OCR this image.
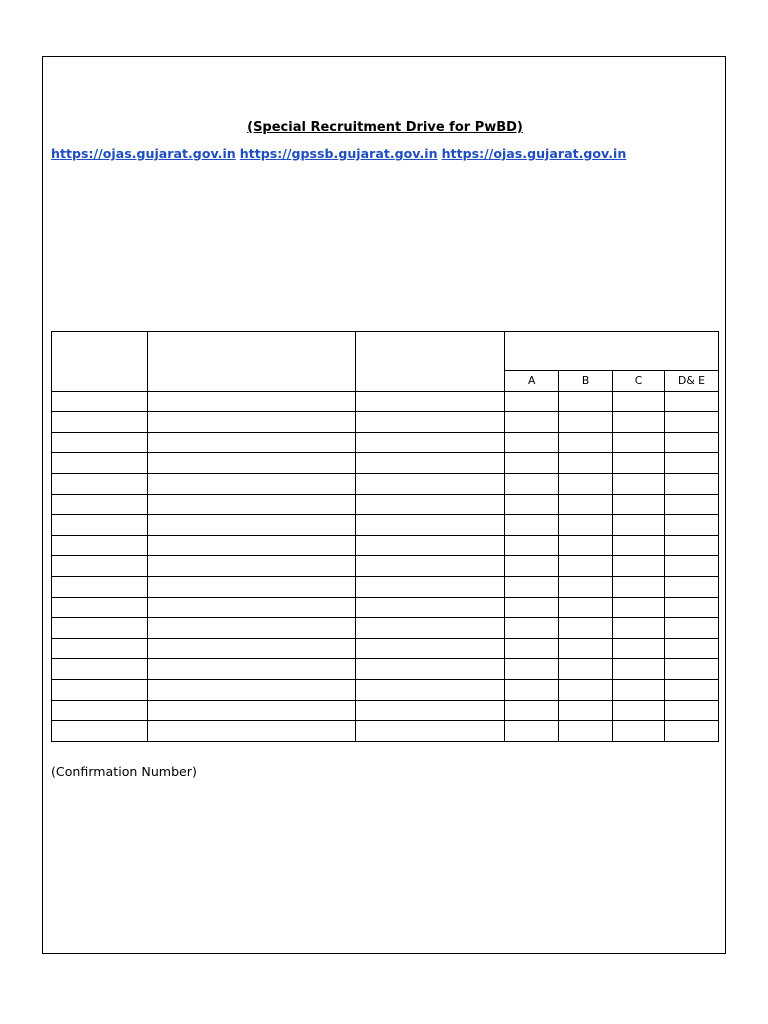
(Special Recruitment Drive for PwBD)
https://ojas.gujarat.gov.in https://gpssb.gujarat.gov.in https://ojas.gujarat.gov.in

			A	B	C	D& E

(Confirmation Number)
